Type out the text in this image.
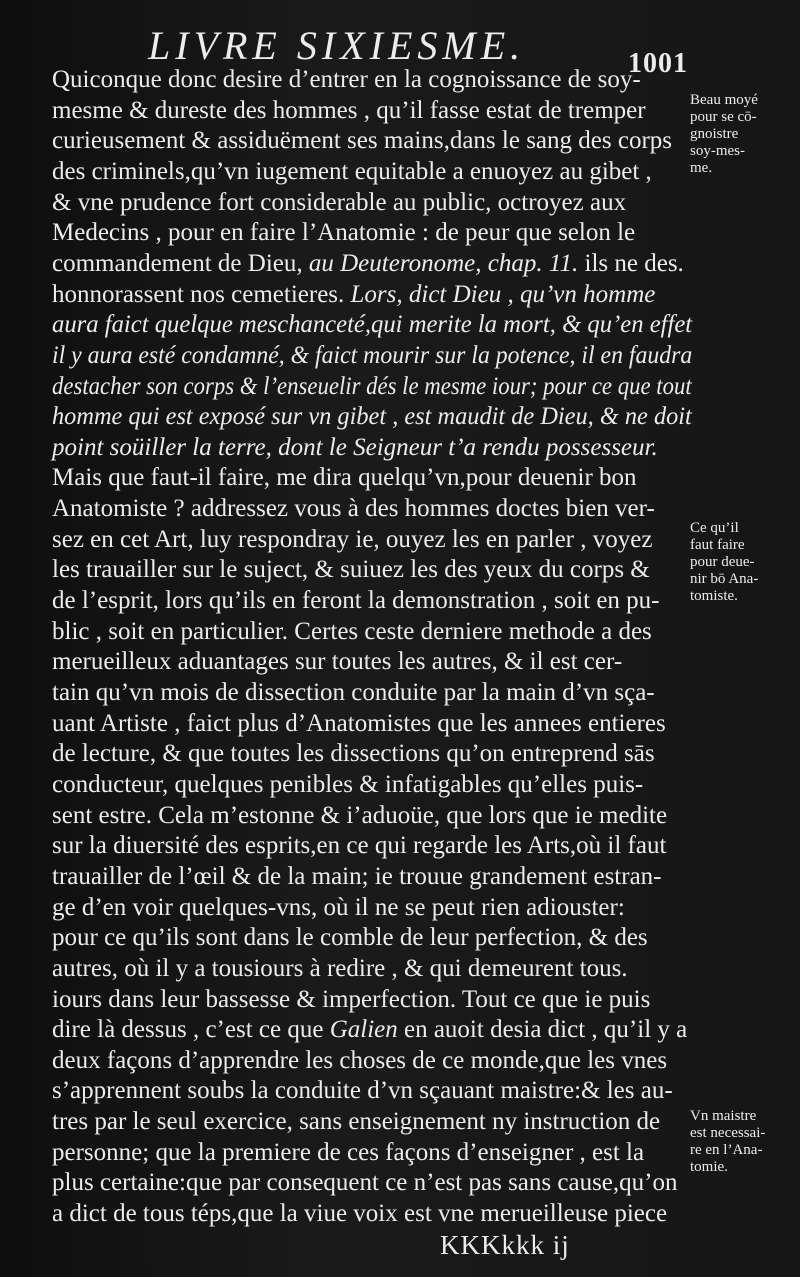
LIVRE SIXIESME.	1001
Quiconque donc desire d’entrer en la cognoissance de soy-
mesme & dureste des hommes , qu’il fasse estat de tremper
curieusement & assiduëment ses mains,dans le sang des corps
des criminels,qu’vn iugement equitable a enuoyez au gibet ,
& vne prudence fort considerable au public, octroyez aux
Medecins , pour en faire l’Anatomie : de peur que selon le
commandement de Dieu, au Deuteronome, chap. 11. ils ne des.
honnorassent nos cemetieres. Lors, dict Dieu , qu’vn homme
aura faict quelque meschanceté,qui merite la mort, & qu’en effet
il y aura esté condamné, & faict mourir sur la potence, il en faudra
destacher son corps & l’enseuelir dés le mesme iour; pour ce que tout
homme qui est exposé sur vn gibet , est maudit de Dieu, & ne doit
point soüiller la terre, dont le Seigneur t’a rendu possesseur.
Mais que faut-il faire, me dira quelqu’vn,pour deuenir bon
Anatomiste ? addressez vous à des hommes doctes bien ver-
sez en cet Art, luy respondray ie, ouyez les en parler , voyez
les trauailler sur le suject, & suiuez les des yeux du corps &
de l’esprit, lors qu’ils en feront la demonstration , soit en pu-
blic , soit en particulier. Certes ceste derniere methode a des
merueilleux aduantages sur toutes les autres, & il est cer-
tain qu’vn mois de dissection conduite par la main d’vn sça-
uant Artiste , faict plus d’Anatomistes que les annees entieres
de lecture, & que toutes les dissections qu’on entreprend sās
conducteur, quelques penibles & infatigables qu’elles puis-
sent estre. Cela m’estonne & i’aduoüe, que lors que ie medite
sur la diuersité des esprits,en ce qui regarde les Arts,où il faut
trauailler de l’œil & de la main; ie trouue grandement estran-
ge d’en voir quelques-vns, où il ne se peut rien adiouster:
pour ce qu’ils sont dans le comble de leur perfection, & des
autres, où il y a tousiours à redire , & qui demeurent tous.
iours dans leur bassesse & imperfection. Tout ce que ie puis
dire là dessus , c’est ce que Galien en auoit desia dict , qu’il y a
deux façons d’apprendre les choses de ce monde,que les vnes
s’apprennent soubs la conduite d’vn sçauant maistre:& les au-
tres par le seul exercice, sans enseignement ny instruction de
personne; que la premiere de ces façons d’enseigner , est la
plus certaine:que par consequent ce n’est pas sans cause,qu’on
a dict de tous téps,que la viue voix est vne merueilleuse piece
Beau moyé
pour se cō-
gnoistre
soy-mes-
me.
Ce qu’il
faut faire
pour deue-
nir bō Ana-
tomiste.
Vn maistre
est necessai-
re en l’Ana-
tomie.
KKKkkk ij
